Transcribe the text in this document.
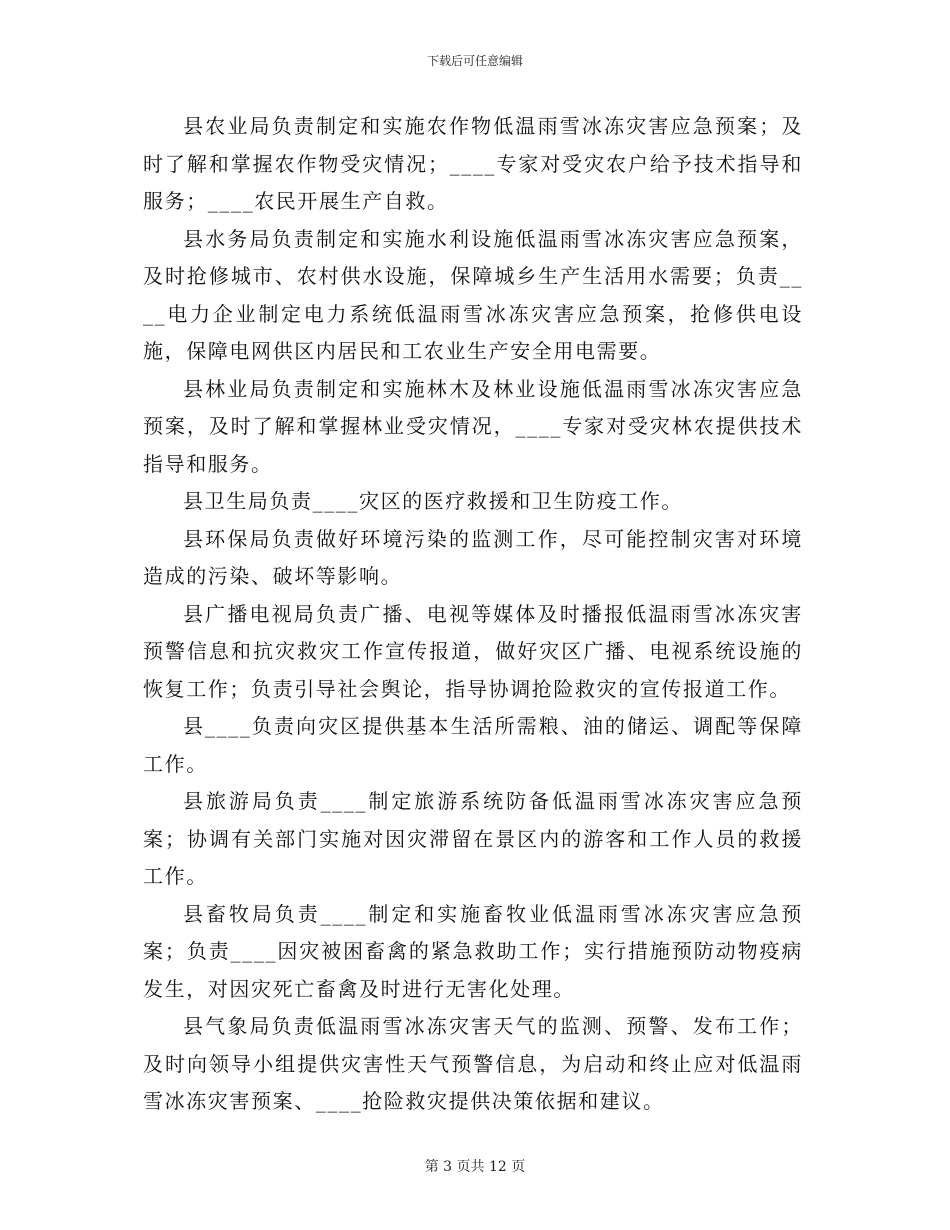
下载后可任意编辑

县农业局负责制定和实施农作物低温雨雪冰冻灾害应急预案；及时了解和掌握农作物受灾情况；____专家对受灾农户给予技术指导和服务；____农民开展生产自救。

县水务局负责制定和实施水利设施低温雨雪冰冻灾害应急预案，及时抢修城市、农村供水设施，保障城乡生产生活用水需要；负责____电力企业制定电力系统低温雨雪冰冻灾害应急预案，抢修供电设施，保障电网供区内居民和工农业生产安全用电需要。

县林业局负责制定和实施林木及林业设施低温雨雪冰冻灾害应急预案，及时了解和掌握林业受灾情况，____专家对受灾林农提供技术指导和服务。

县卫生局负责____灾区的医疗救援和卫生防疫工作。

县环保局负责做好环境污染的监测工作，尽可能控制灾害对环境造成的污染、破坏等影响。

县广播电视局负责广播、电视等媒体及时播报低温雨雪冰冻灾害预警信息和抗灾救灾工作宣传报道，做好灾区广播、电视系统设施的恢复工作；负责引导社会舆论，指导协调抢险救灾的宣传报道工作。

县____负责向灾区提供基本生活所需粮、油的储运、调配等保障工作。

县旅游局负责____制定旅游系统防备低温雨雪冰冻灾害应急预案；协调有关部门实施对因灾滞留在景区内的游客和工作人员的救援工作。

县畜牧局负责____制定和实施畜牧业低温雨雪冰冻灾害应急预案；负责____因灾被困畜禽的紧急救助工作；实行措施预防动物疫病发生，对因灾死亡畜禽及时进行无害化处理。

县气象局负责低温雨雪冰冻灾害天气的监测、预警、发布工作；及时向领导小组提供灾害性天气预警信息，为启动和终止应对低温雨雪冰冻灾害预案、____抢险救灾提供决策依据和建议。

第 3 页共 12 页
